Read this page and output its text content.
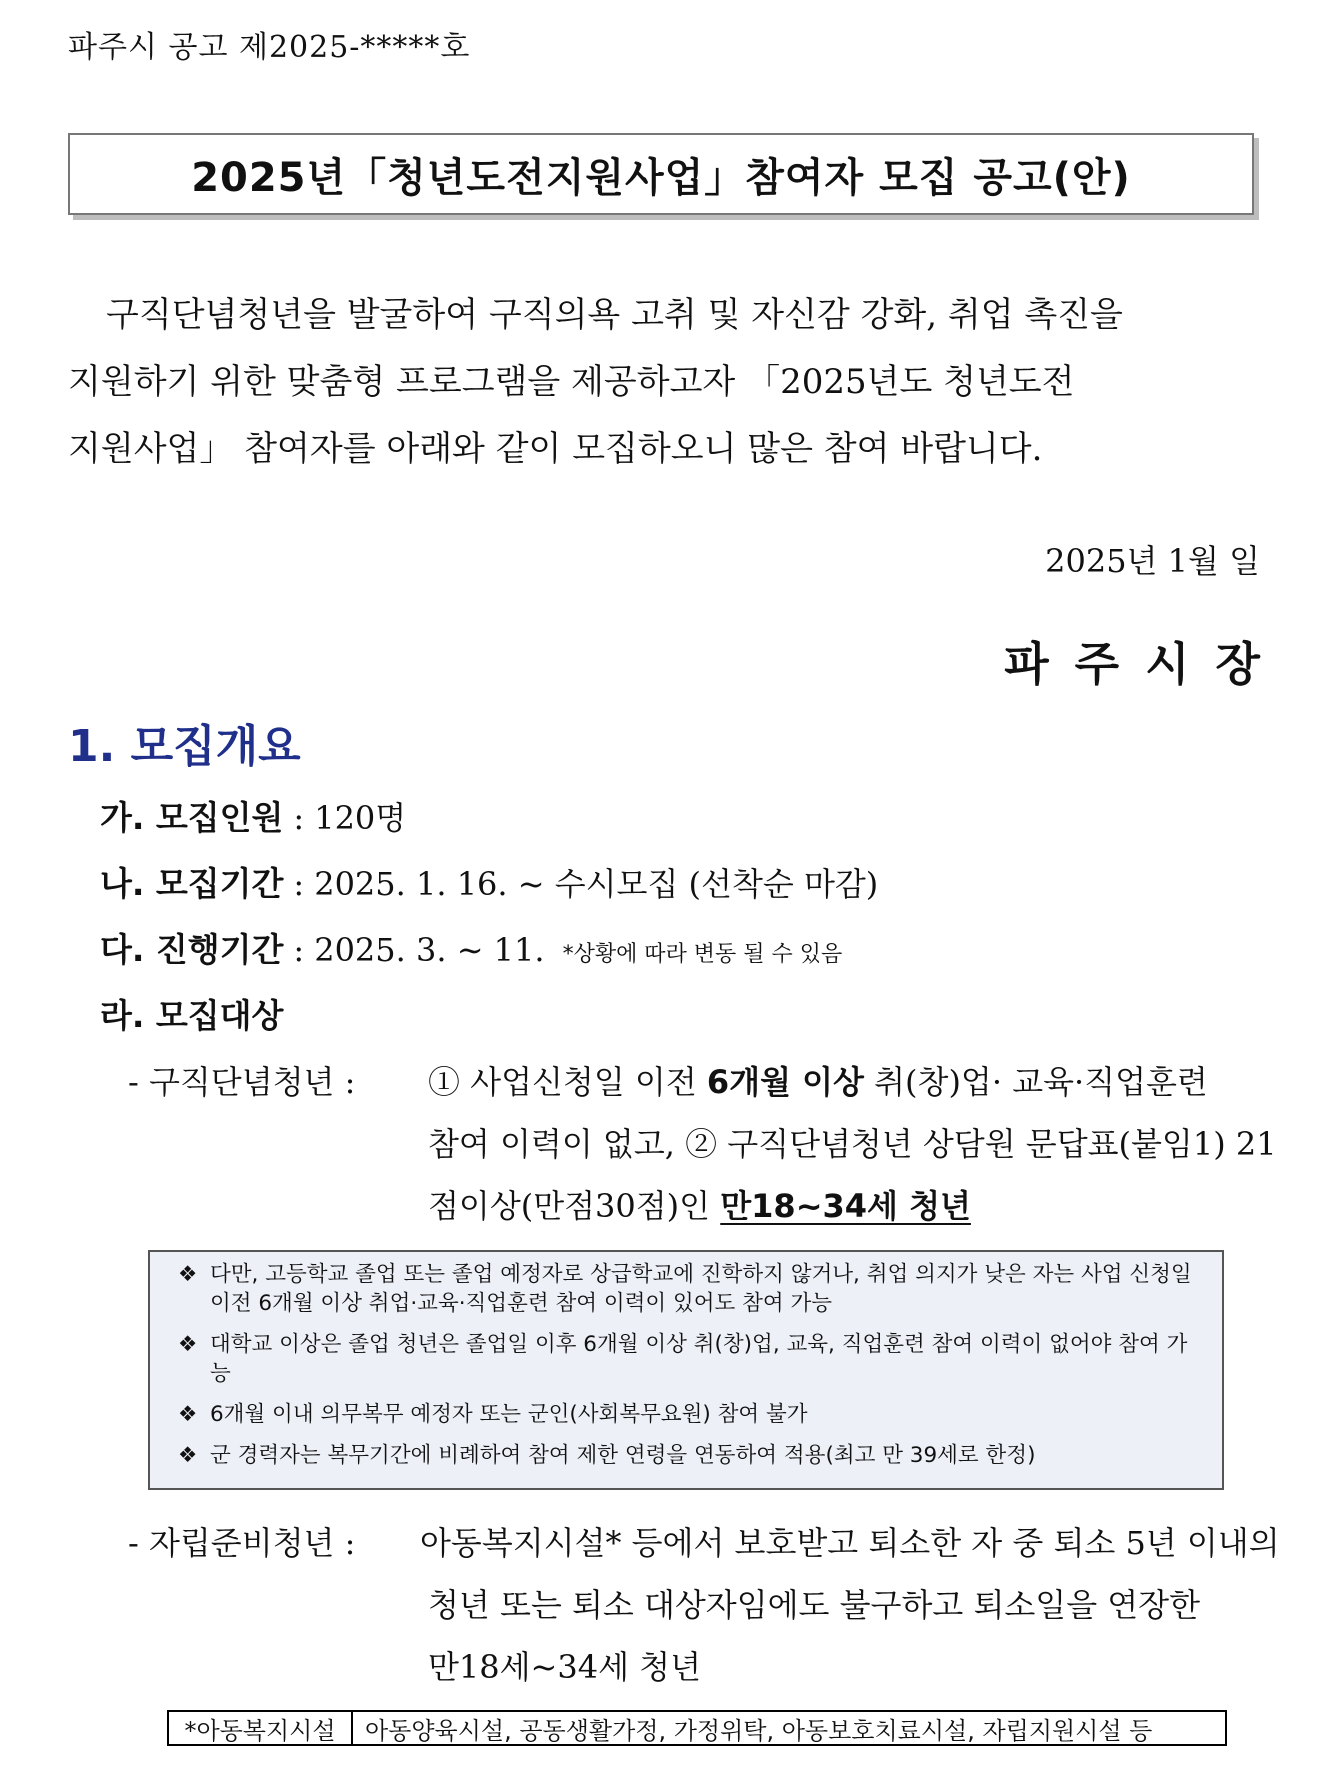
파주시 공고 제2025-*****호
2025년「청년도전지원사업」참여자 모집 공고(안)
구직단념청년을 발굴하여 구직의욕 고취 및 자신감 강화, 취업 촉진을
지원하기 위한 맞춤형 프로그램을 제공하고자 「2025년도 청년도전
지원사업」 참여자를 아래와 같이 모집하오니 많은 참여 바랍니다.
2025년 1월 일
파주시장
1. 모집개요
가. 모집인원 : 120명
나. 모집기간 : 2025. 1. 16. ~ 수시모집 (선착순 마감)
다. 진행기간 : 2025. 3. ∼ 11. *상황에 따라 변동 될 수 있음
라. 모집대상
- 구직단념청년 : ① 사업신청일 이전 6개월 이상 취(창)업· 교육·직업훈련
참여 이력이 없고, ② 구직단념청년 상담원 문답표(붙임1) 21
점이상(만점30점)인 만18~34세 청년
❖ 다만, 고등학교 졸업 또는 졸업 예정자로 상급학교에 진학하지 않거나, 취업 의지가 낮은 자는 사업 신청일 이전 6개월 이상 취업·교육·직업훈련 참여 이력이 있어도 참여 가능
❖ 대학교 이상은 졸업 청년은 졸업일 이후 6개월 이상 취(창)업, 교육, 직업훈련 참여 이력이 없어야 참여 가능
❖ 6개월 이내 의무복무 예정자 또는 군인(사회복무요원) 참여 불가
❖ 군 경력자는 복무기간에 비례하여 참여 제한 연령을 연동하여 적용(최고 만 39세로 한정)
- 자립준비청년 : 아동복지시설* 등에서 보호받고 퇴소한 자 중 퇴소 5년 이내의
청년 또는 퇴소 대상자임에도 불구하고 퇴소일을 연장한
만18세~34세 청년
*아동복지시설	아동양육시설, 공동생활가정, 가정위탁, 아동보호치료시설, 자립지원시설 등
